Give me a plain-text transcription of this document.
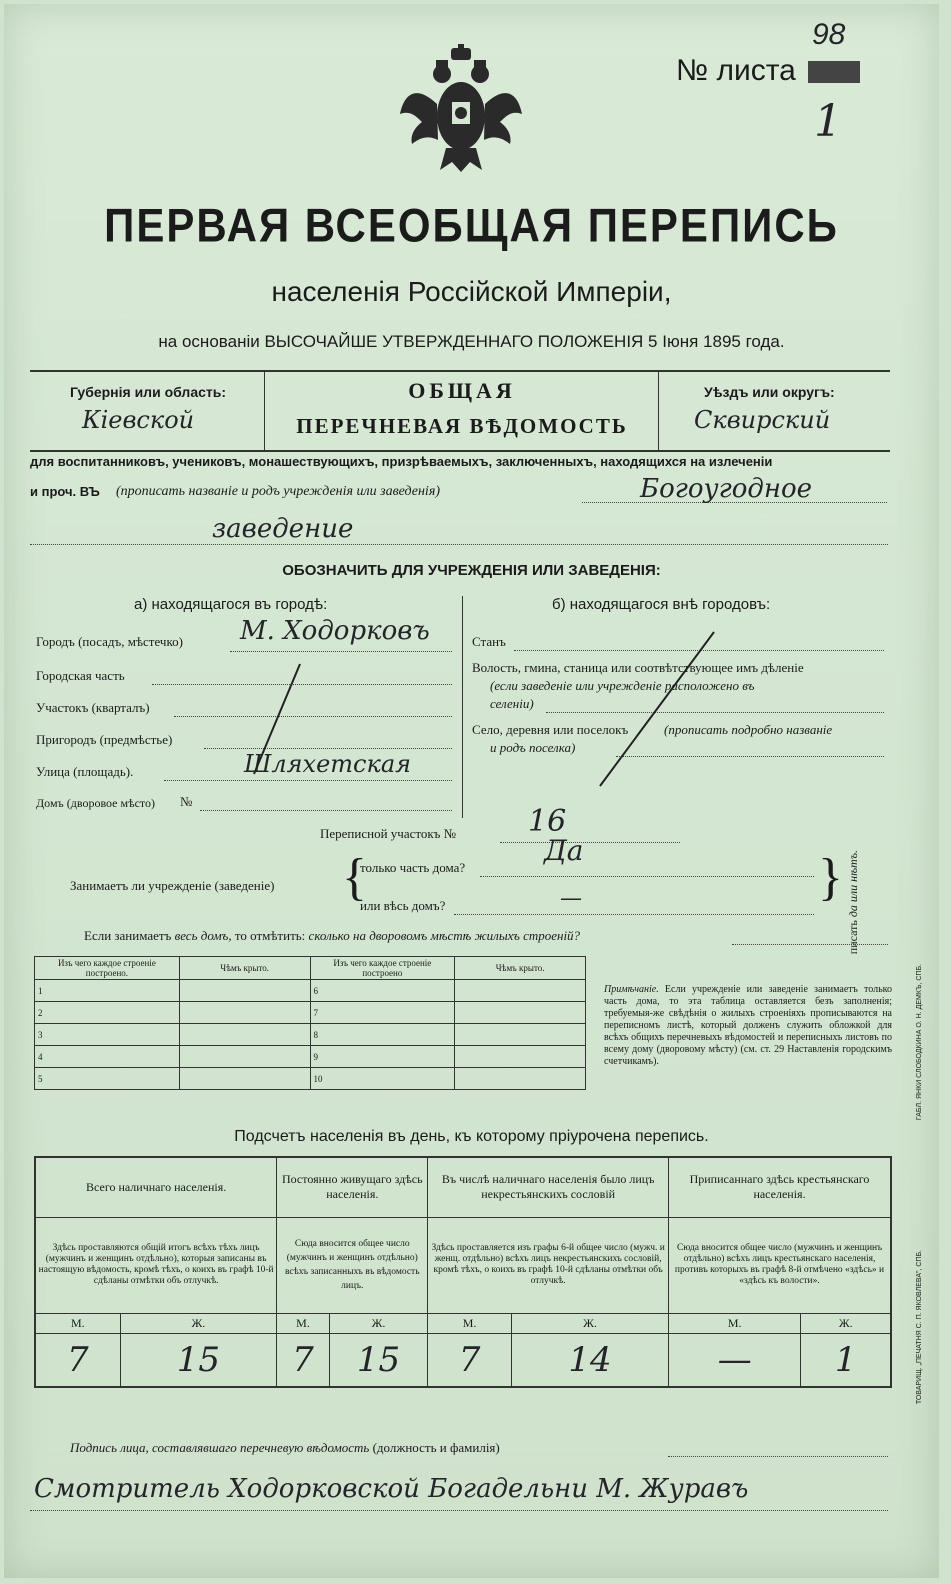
98
№ листа
1
ПЕРВАЯ ВСЕОБЩАЯ ПЕРЕПИСЬ
населенія Россійской Имперіи,
на основаніи ВЫСОЧАЙШЕ УТВЕРЖДЕННАГО ПОЛОЖЕНІЯ 5 Іюня 1895 года.
Губернія или область:
Кiевской
ОБЩАЯ
ПЕРЕЧНЕВАЯ ВѢДОМОСТЬ
Уѣздъ или округъ:
Сквирский
для воспитанниковъ, учениковъ, монашествующихъ, призрѣваемыхъ, заключенныхъ, находящихся на излеченіи
и проч. ВЪ (прописать названіе и родъ учрежденія или заведенія)	Богоугодное
заведение
ОБОЗНАЧИТЬ ДЛЯ УЧРЕЖДЕНІЯ ИЛИ ЗАВЕДЕНІЯ:
а) находящагося въ городѣ:	б) находящагося внѣ городовъ:
Городъ (посадъ, мѣстечко) М. Ходорковъ
Городская часть
Участокъ (кварталъ)
Пригородъ (предмѣстье)
Улица (площадь).	Шляхетская
Домъ (дворовое мѣсто) №
Станъ
Волость, гмина, станица или соотвѣтствующее имъ дѣленіе
(если заведеніе или учрежденіе расположено въ
селеніи)
Село, деревня или поселокъ	(прописать подробно названіе
и родъ поселка)
Переписной участокъ № 16
Занимаетъ ли учрежденіе (заведеніе) {	}
только часть дома?
Да
или вѣсь домъ?	—
писать да или нѣтъ.
Если занимаетъ весь домъ, то отмѣтить: сколько на дворовомъ мѣстѣ жилыхъ строеній?
Изъ чего каждое строеніе построено.	Чѣмъ крыто.	Изъ чего каждое строеніе построено	Чѣмъ крыто.
1		6	
2		7	
3		8	
4		9	
5		10	
Примѣчаніе. Если учрежденіе или заведеніе занимаетъ только часть дома, то эта таблица оставляется безъ заполненія; требуемыя-же свѣдѣнія о жилыхъ строеніяхъ прописываются на переписномъ листѣ, который долженъ служить обложкой для всѣхъ общихъ перечневыхъ вѣдомостей и переписныхъ листовъ по всему дому (дворовому мѣсту) (см. ст. 29 Наставленія городскимъ счетчикамъ).
Подсчетъ населенія въ день, къ которому пріурочена перепись.
Всего наличнаго населенія.		Постоянно живущаго здѣсь населенія.		Въ числѣ наличнаго населенія было лицъ некрестьянскихъ сословій		Приписаннаго здѣсь крестьянскаго населенія.	
Здѣсь проставляются общій итогъ всѣхъ тѣхъ лицъ (мужчинъ и женщинъ отдѣльно), которыя записаны въ настоящую вѣдомость, кромѣ тѣхъ, о коихъ въ графѣ 10-й сдѣланы отмѣтки объ отлучкѣ.		Сюда вносится общее число (мужчинъ и женщинъ отдѣльно) всѣхъ записанныхъ въ вѣдомость лицъ.		Здѣсь проставляется изъ графы 6-й общее число (мужч. и женщ. отдѣльно) всѣхъ лицъ некрестьянскихъ сословій, кромѣ тѣхъ, о коихъ въ графѣ 10-й сдѣланы отмѣтки объ отлучкѣ.		Сюда вносится общее число (мужчинъ и женщинъ отдѣльно) всѣхъ лицъ крестьянскаго населенія, противъ которыхъ въ графѣ 8-й отмѣчено «здѣсь» и «здѣсь къ волости».	
М.	Ж.	М.	Ж.	М.	Ж.	М.	Ж.
7	15	7	15	7	14	—	1
Подпись лица, составлявшаго перечневую вѣдомость (должность и фамилія)
Смотритель Ходорковской Богадельни М. Журавъ
ГАБЛ. ЯНКИ СЛОБОДКИНА О. Н. ДЕМКЪ, СПБ.
ТОВАРИЩ. „ПЕЧАТНЯ С. П. ЯКОВЛЕВА", СПБ.
